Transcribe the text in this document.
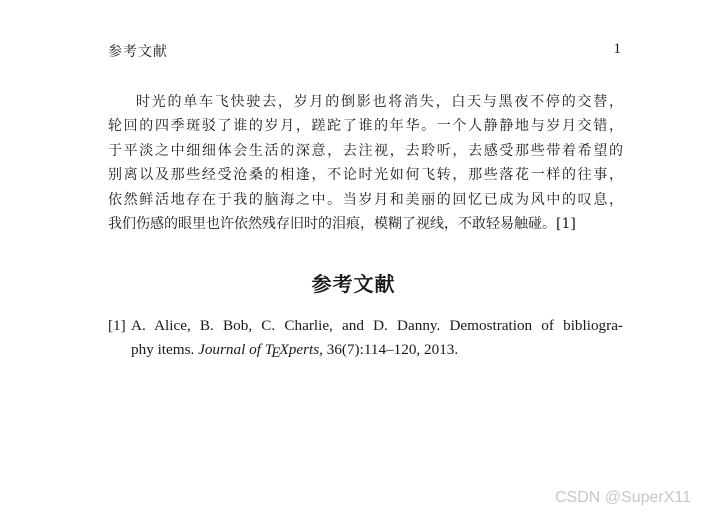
参考文献	1
时光的单车飞快驶去，岁月的倒影也将消失，白天与黑夜不停的交替，
轮回的四季斑驳了谁的岁月，蹉跎了谁的年华。一个人静静地与岁月交错，
于平淡之中细细体会生活的深意，去注视，去聆听，去感受那些带着希望的
别离以及那些经受沧桑的相逢，不论时光如何飞转，那些落花一样的往事，
依然鲜活地存在于我的脑海之中。当岁月和美丽的回忆已成为风中的叹息，
我们伤感的眼里也许依然残存旧时的泪痕，模糊了视线，不敢轻易触碰。[1]
参考文献
[1] A. Alice, B. Bob, C. Charlie, and D. Danny. Demostration of bibliogra-
phy items. Journal of TEXperts, 36(7):114–120, 2013.
CSDN @SuperX11
